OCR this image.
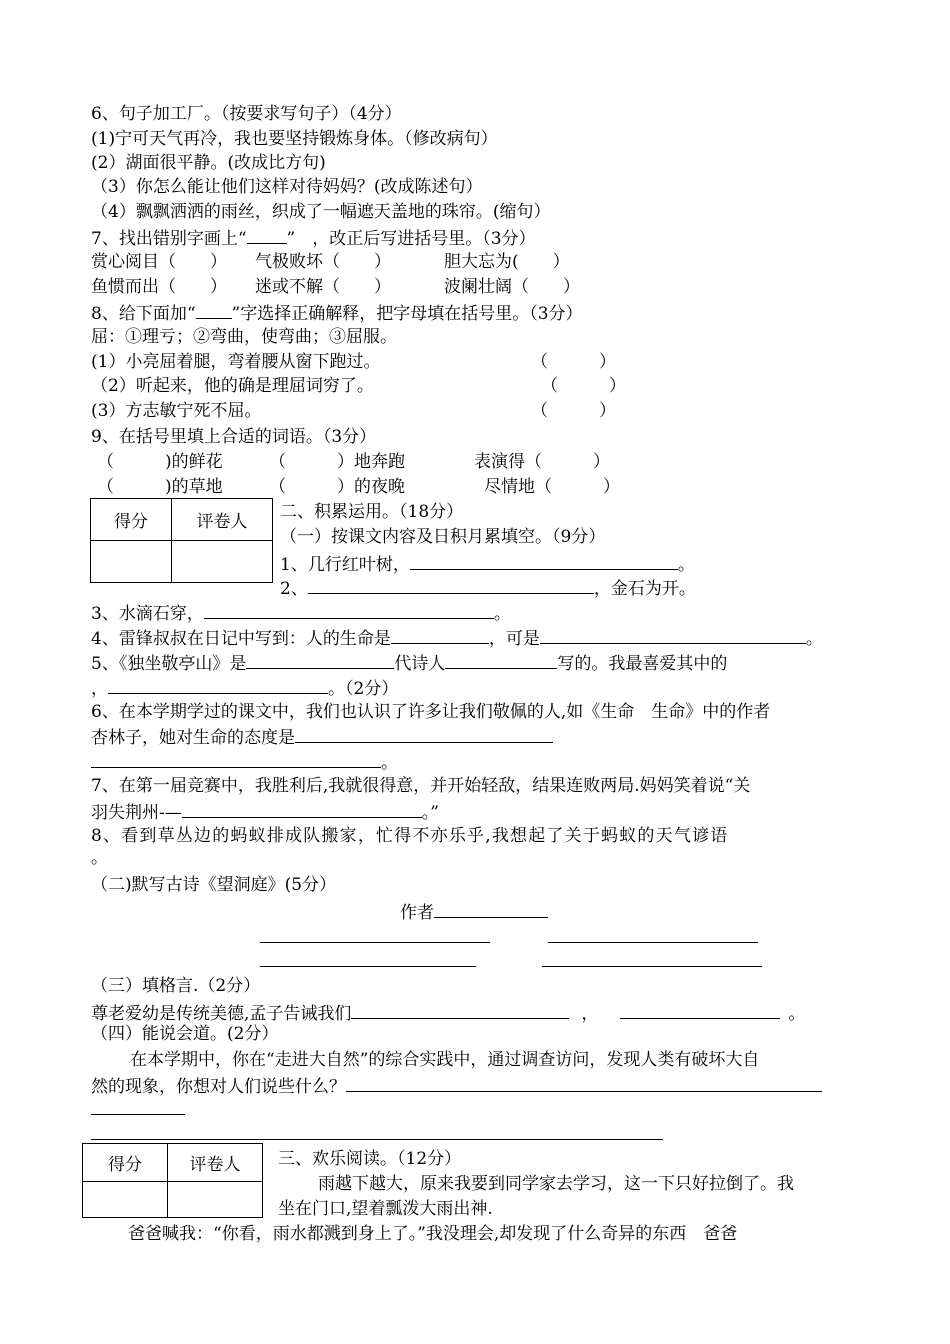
6、句子加工厂。（按要求写句子）（4分）
(1)宁可天气再冷，我也要坚持锻炼身体。（修改病句）
(2）湖面很平静。(改成比方句)
（3）你怎么能让他们这样对待妈妈？(改成陈述句）
（4）飘飘洒洒的雨丝，织成了一幅遮天盖地的珠帘。(缩句）
7、找出错别字画上“ ”　，改正后写进括号里。（3分）
赏心阅目（　　） 气极败坏（　　）	胆大忘为(　　）
鱼惯而出（　　） 迷或不解（　　）	波阑壮阔（　　）
8、给下面加“ ”字选择正确解释，把字母填在括号里。（3分）
屈：①理亏；②弯曲，使弯曲；③屈服。
(1）小亮屈着腿，弯着腰从窗下跑过。	（　　　）
（2）听起来，他的确是理屈词穷了。	（　　　）
(3）方志敏宁死不屈。	（　　　）
9、在括号里填上合适的词语。（3分）
（　　　)的鲜花	（　　　）地奔跑	表演得（　　　）
（　　　)的草地	（　　　）的夜晚	尽情地（　　　）
得分	评卷人
	二、积累运用。（18分）
（一）按课文内容及日积月累填空。（9分）
1、几行红叶树，	。
2、	，金石为开。
3、水滴石穿，	。
4、雷锋叔叔在日记中写到：人的生命是	，可是	。
5、《独坐敬亭山》是	代诗人	写的。我最喜爱其中的
，	。（2分）
6、在本学期学过的课文中，我们也认识了许多让我们敬佩的人,如《生命　生命》中的作者
杏林子，她对生命的态度是
。
7、在第一届竞赛中，我胜利后,我就很得意，并开始轻敌，结果连败两局.妈妈笑着说“关
羽失荆州-—	。”
8、看到草丛边的蚂蚁排成队搬家，忙得不亦乐乎,我想起了关于蚂蚁的天气谚语
。
（二)默写古诗《望洞庭》(5分）
作者
（三）填格言.（2分）
尊老爱幼是传统美德,孟子告诫我们	，	。
（四）能说会道。(2分）
在本学期中，你在“走进大自然”的综合实践中，通过调查访问，发现人类有破坏大自
然的现象，你想对人们说些什么？
得分	评卷人
	三、欢乐阅读。（12分）
雨越下越大，原来我要到同学家去学习，这一下只好拉倒了。我
坐在门口,望着瓢泼大雨出神.
爸爸喊我：“你看，雨水都溅到身上了。”我没理会,却发现了什么奇异的东西　爸爸
